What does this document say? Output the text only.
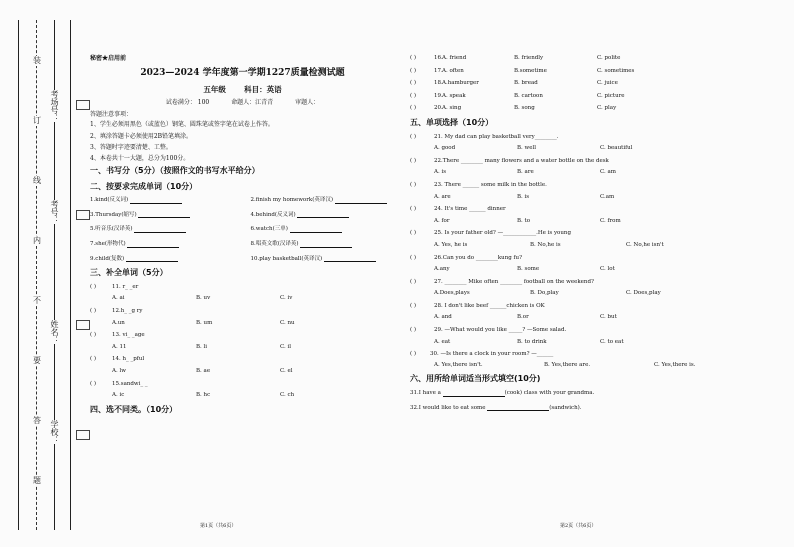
装
订
线
内
不
要
答
题
考场号：
考号：
姓名：
学校：
秘密★启用前
2023—2024 学年度第一学期1227质量检测试题
五年级 科目：英语
试卷满分： 100	命题人：江青青	审题人：
答题注意事项：
1、学生必须用黑色（或蓝色）钢笔、圆珠笔或签字笔在试卷上作答。
2、填涂答题卡必须使用2B铅笔填涂。
3、答题时字迹要清楚、工整。
4、本卷共十一大题，总分为100分。
一、书写分（5分）（按照作文的书写水平给分）
二、按要求完成单词（10分）
1.kind(反义词)	2.finish my homework(英译汉)
3.Thursday(缩写)	4.behind(反义词)
5.听音乐(汉译英)	6.watch(三单)
7.she(形物代)	8.唱英文歌(汉译英)
9.child(复数)	10.play basketball(英译汉)
三、补全单词（5分）
( )	11. r_ _er
A. ai	B. uv	C. iv
( )	12.h_ _g ry
A.un	B. um	C. nu
( )	13. vi_ _age
A. 11	B. li	C. il
( )	14. h_ _pful
A. lw	B. ae	C. el
( )	15.sandwi_ _
A. ic	B. hc	C. ch
四、选不同类。（10分）
第1页（共6页）
( )	16. A. friend	B. friendly	C. polite
( )	17. A. often	B.sometime	C. sometimes
( )	18. A.hamburger	B. bread	C. juice
( )	19. A. speak	B. cartoon	C. picture
( )	20. A. sing	B. song	C. play
五、单项选择（10分）
( )	21. My dad can play basketball very________.
A. good	B. well	C. beautiful
( )	22.There ________ many flowers and a water bottle on the desk
A. is	B. are	C. am
( )	23. There ______ some milk in the bottle.
A. are	B. is	C.am
( )	24. It's time ______ dinner
A. for	B. to	C. from
( )	25. Is your father old? —____________.He is young
A. Yes, he is	B. No,he is	C. No,he isn't
( )	26.Can you do ________kung fu?
A.any	B. some	C. lot
( )	27. ________ Mike often ________ football on the weekend?
A.Does,plays	B. Do,play	C. Does,play
( )	28. I don't like beef ______chicken is OK
A. and	B.or	C. but
( )	29. —What would you like _____? —Some salad.
A. eat	B. to drink	C. to eat
( )	30. —Is there a clock in your room? —______
A. Yes,there isn't.	B. Yes,there are.	C. Yes,there is.
六、用所给单词适当形式填空(10分)
31.I have a	(cook) class with your grandma.
32.I would like to eat some	(sandwich).
第2页（共6页）
